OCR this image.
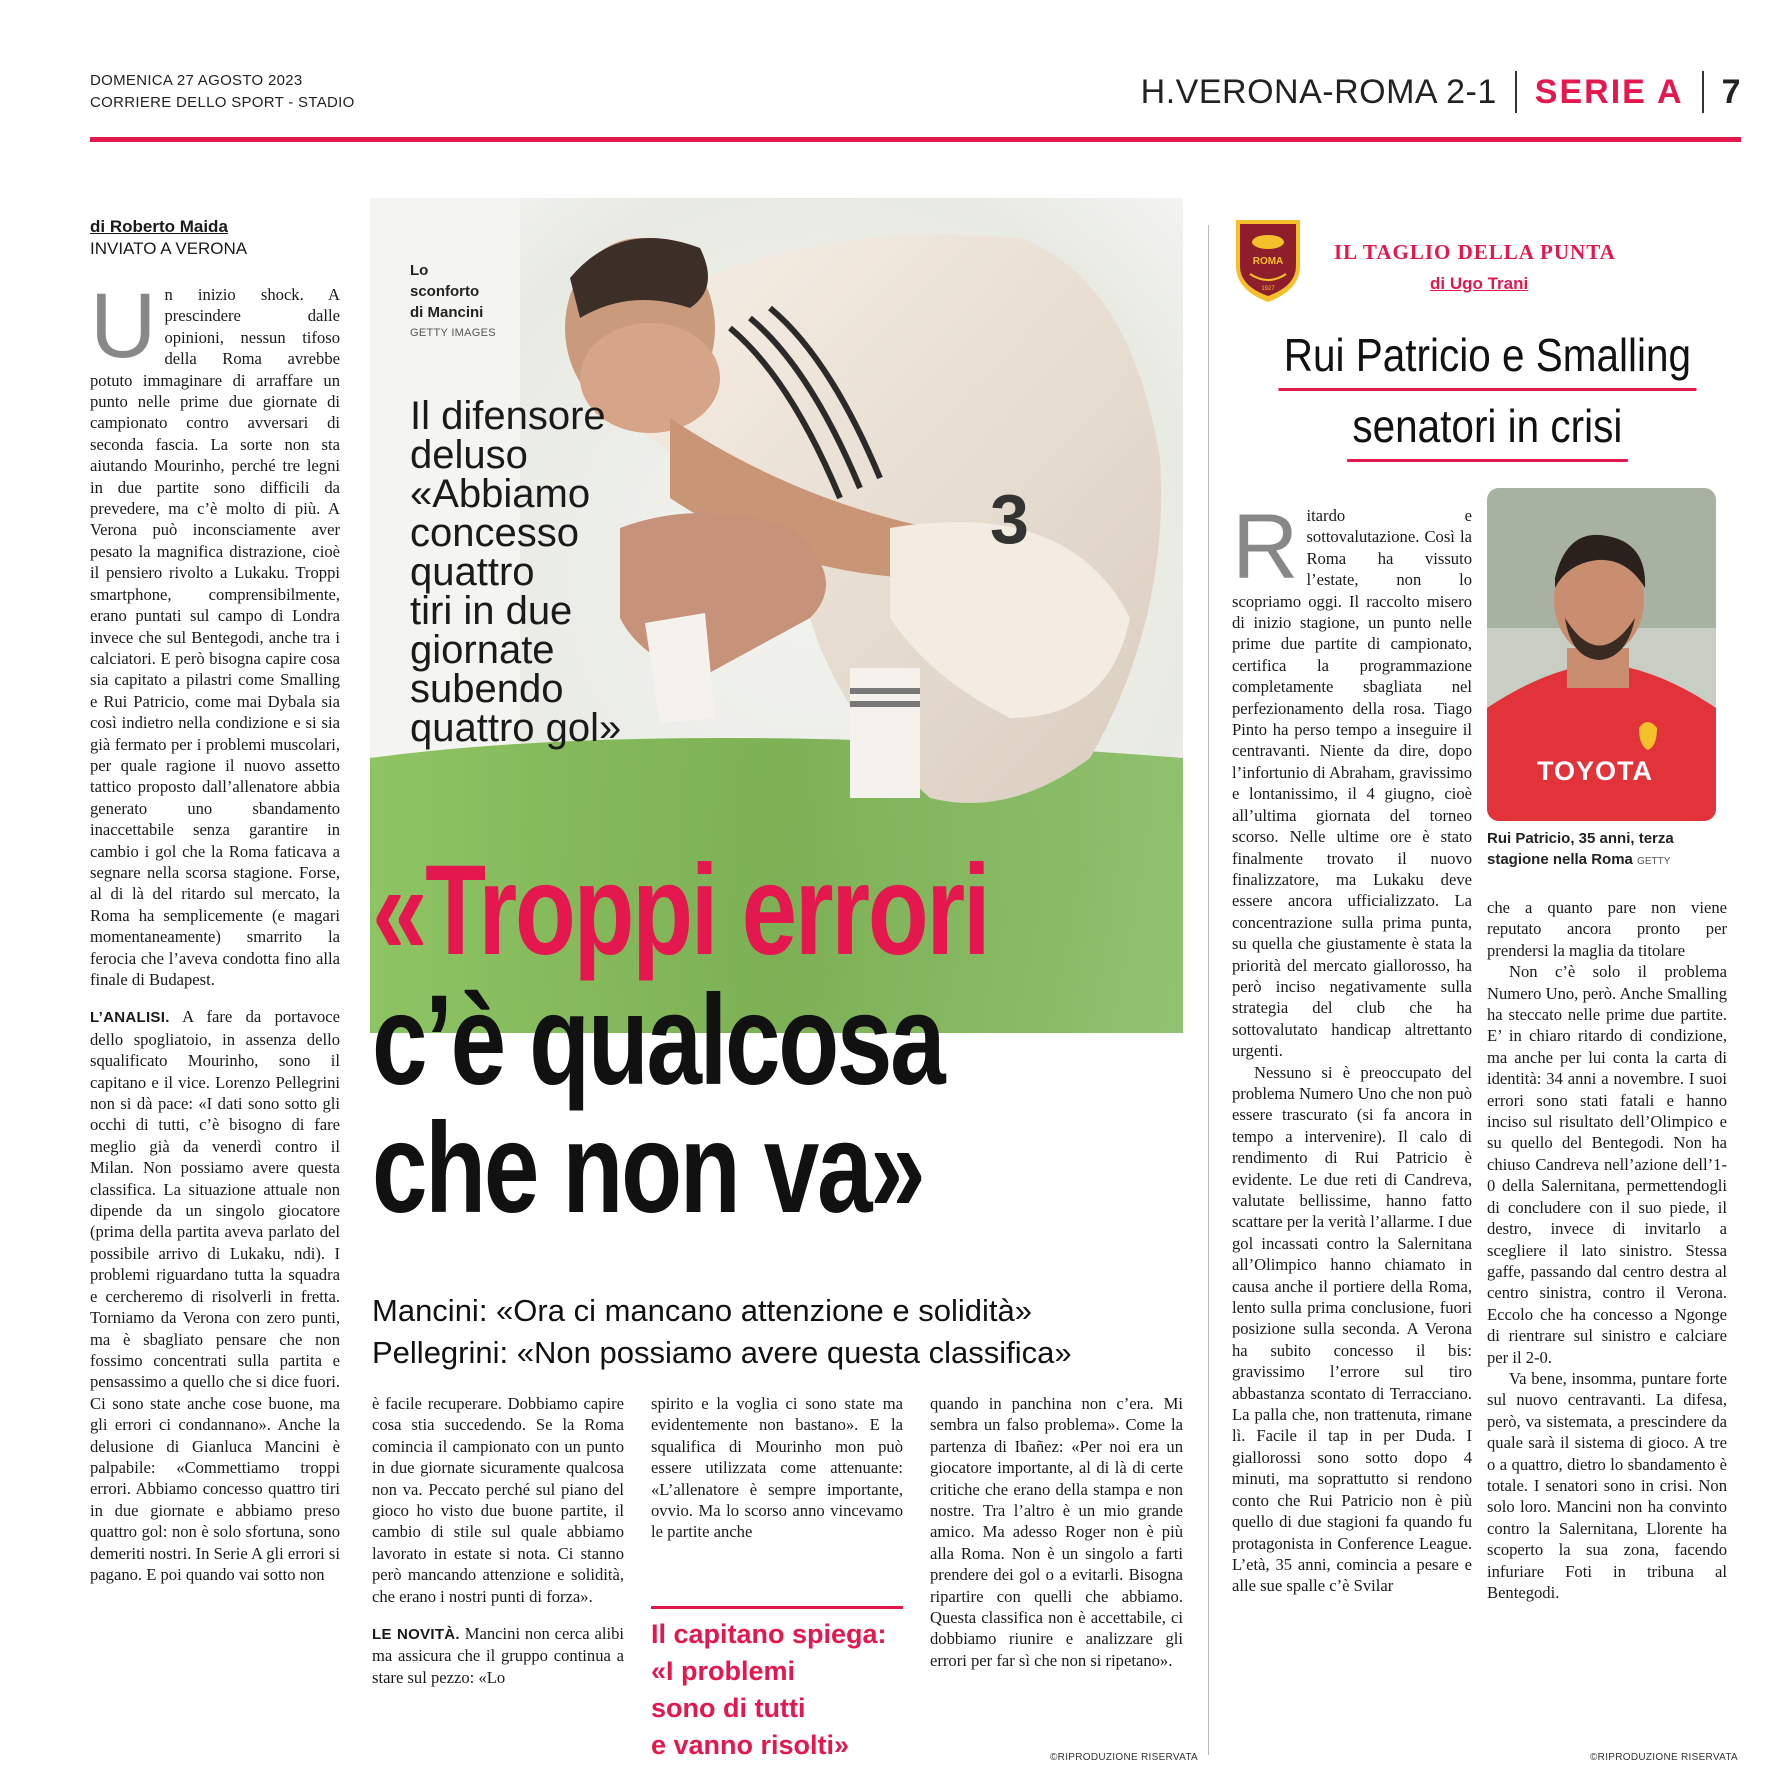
DOMENICA 27 AGOSTO 2023
CORRIERE DELLO SPORT - STADIO	H.VERONA-ROMA 2-1 SERIE A 7
di Roberto Maida
INVIATO A VERONA

Un inizio shock. A prescindere dalle opinioni, nessun tifoso della Roma avrebbe potuto immaginare di arraffare un punto nelle prime due giornate di campionato contro avversari di seconda fascia. La sorte non sta aiutando Mourinho, perché tre legni in due partite sono difficili da prevedere, ma c’è molto di più. A Verona può inconsciamente aver pesato la magnifica distrazione, cioè il pensiero rivolto a Lukaku. Troppi smartphone, comprensibilmente, erano puntati sul campo di Londra invece che sul Bentegodi, anche tra i calciatori. E però bisogna capire cosa sia capitato a pilastri come Smalling e Rui Patricio, come mai Dybala sia così indietro nella condizione e si sia già fermato per i problemi muscolari, per quale ragione il nuovo assetto tattico proposto dall’allenatore abbia generato uno sbandamento inaccettabile senza garantire in cambio i gol che la Roma faticava a segnare nella scorsa stagione. Forse, al di là del ritardo sul mercato, la Roma ha semplicemente (e magari momentaneamente) smarrito la ferocia che l’aveva condotta fino alla finale di Budapest.

L’ANALISI. A fare da portavoce dello spogliatoio, in assenza dello squalificato Mourinho, sono il capitano e il vice. Lorenzo Pellegrini non si dà pace: «I dati sono sotto gli occhi di tutti, c’è bisogno di fare meglio già da venerdì contro il Milan. Non possiamo avere questa classifica. La situazione attuale non dipende da un singolo giocatore (prima della partita aveva parlato del possibile arrivo di Lukaku, ndi). I problemi riguardano tutta la squadra e cercheremo di risolverli in fretta. Torniamo da Verona con zero punti, ma è sbagliato pensare che non fossimo concentrati sulla partita e pensassimo a quello che si dice fuori. Ci sono state anche cose buone, ma gli errori ci condannano». Anche la delusione di Gianluca Mancini è palpabile: «Commettiamo troppi errori. Abbiamo concesso quattro tiri in due giornate e abbiamo preso quattro gol: non è solo sfortuna, sono demeriti nostri. In Serie A gli errori si pagano. E poi quando vai sotto non

3
Lo
sconforto
di Mancini
GETTY IMAGES
Il difensore
deluso
«Abbiamo
concesso
quattro
tiri in due
giornate
subendo
quattro gol»
«Troppi errori
c’è qualcosa
che non va»
Mancini: «Ora ci mancano attenzione e solidità»
Pellegrini: «Non possiamo avere questa classifica»

è facile recuperare. Dobbiamo capire cosa stia succedendo. Se la Roma comincia il campionato con un punto in due giornate sicuramente qualcosa non va. Peccato perché sul piano del gioco ho visto due buone partite, il cambio di stile sul quale abbiamo lavorato in estate si nota. Ci stanno però mancando attenzione e solidità, che erano i nostri punti di forza».

LE NOVITÀ. Mancini non cerca alibi ma assicura che il gruppo continua a stare sul pezzo: «Lo

spirito e la voglia ci sono state ma evidentemente non bastano». E la squalifica di Mourinho mon può essere utilizzata come attenuante: «L’allenatore è sempre importante, ovvio. Ma lo scorso anno vincevamo le partite anche

Il capitano spiega:
«I problemi
sono di tutti
e vanno risolti»

quando in panchina non c’era. Mi sembra un falso problema». Come la partenza di Ibañez: «Per noi era un giocatore importante, al di là di certe critiche che erano della stampa e non nostre. Tra l’altro è un mio grande amico. Ma adesso Roger non è più alla Roma. Non è un singolo a farti prendere dei gol o a evitarli. Bisogna ripartire con quelli che abbiamo. Questa classifica non è accettabile, ci dobbiamo riunire e analizzare gli errori per far sì che non si ripetano».

©RIPRODUZIONE RISERVATA
ROMA
1927
IL TAGLIO DELLA PUNTA
di Ugo Trani
Rui Patricio e Smalling
senatori in crisi

Ritardo e sottovalutazione. Così la Roma ha vissuto l’estate, non lo scopriamo oggi. Il raccolto misero di inizio stagione, un punto nelle prime due partite di campionato, certifica la programmazione completamente sbagliata nel perfezionamento della rosa. Tiago Pinto ha perso tempo a inseguire il centravanti. Niente da dire, dopo l’infortunio di Abraham, gravissimo e lontanissimo, il 4 giugno, cioè all’ultima giornata del torneo scorso. Nelle ultime ore è stato finalmente trovato il nuovo finalizzatore, ma Lukaku deve essere ancora ufficializzato. La concentrazione sulla prima punta, su quella che giustamente è stata la priorità del mercato giallorosso, ha però inciso negativamente sulla strategia del club che ha sottovalutato handicap altrettanto urgenti.

Nessuno si è preoccupato del problema Numero Uno che non può essere trascurato (si fa ancora in tempo a intervenire). Il calo di rendimento di Rui Patricio è evidente. Le due reti di Candreva, valutate bellissime, hanno fatto scattare per la verità l’allarme. I due gol incassati contro la Salernitana all’Olimpico hanno chiamato in causa anche il portiere della Roma, lento sulla prima conclusione, fuori posizione sulla seconda. A Verona ha subito concesso il bis: gravissimo l’errore sul tiro abbastanza scontato di Terracciano. La palla che, non trattenuta, rimane lì. Facile il tap in per Duda. I giallorossi sono sotto dopo 4 minuti, ma soprattutto si rendono conto che Rui Patricio non è più quello di due stagioni fa quando fu protagonista in Conference League. L’età, 35 anni, comincia a pesare e alle sue spalle c’è Svilar

TOYOTA
Rui Patricio, 35 anni, terza stagione nella Roma GETTY

che a quanto pare non viene reputato ancora pronto per prendersi la maglia da titolare

Non c’è solo il problema Numero Uno, però. Anche Smalling ha steccato nelle prime due partite. E’ in chiaro ritardo di condizione, ma anche per lui conta la carta di identità: 34 anni a novembre. I suoi errori sono stati fatali e hanno inciso sul risultato dell’Olimpico e su quello del Bentegodi. Non ha chiuso Candreva nell’azione dell’1-0 della Salernitana, permettendogli di concludere con il suo piede, il destro, invece di invitarlo a scegliere il lato sinistro. Stessa gaffe, passando dal centro destra al centro sinistra, contro il Verona. Eccolo che ha concesso a Ngonge di rientrare sul sinistro e calciare per il 2-0.

Va bene, insomma, puntare forte sul nuovo centravanti. La difesa, però, va sistemata, a prescindere da quale sarà il sistema di gioco. A tre o a quattro, dietro lo sbandamento è totale. I senatori sono in crisi. Non solo loro. Mancini non ha convinto contro la Salernitana, Llorente ha scoperto la sua zona, facendo infuriare Foti in tribuna al Bentegodi.

©RIPRODUZIONE RISERVATA
